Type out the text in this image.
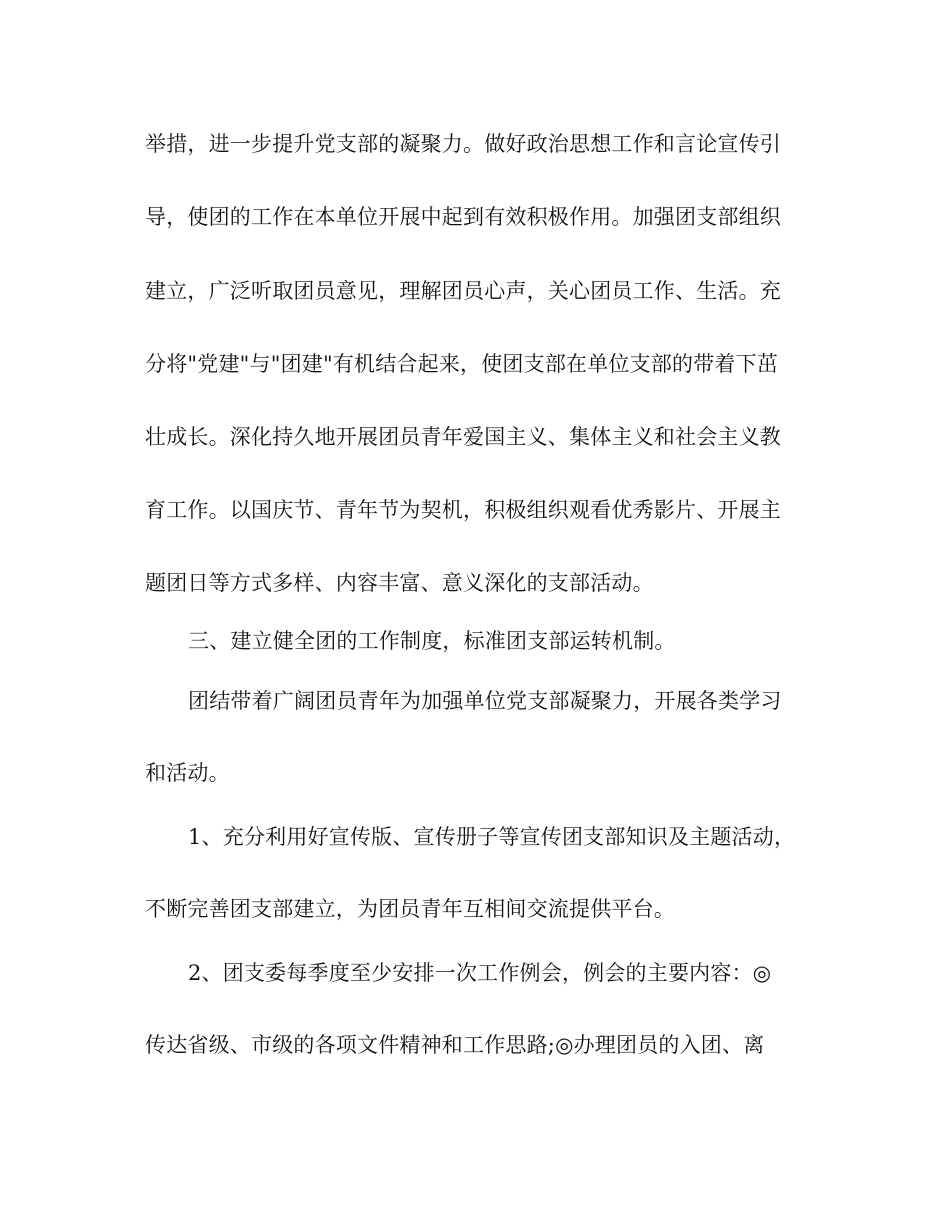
举措，进一步提升党支部的凝聚力。做好政治思想工作和言论宣传引
导，使团的工作在本单位开展中起到有效积极作用。加强团支部组织
建立，广泛听取团员意见，理解团员心声，关心团员工作、生活。充
分将"党建"与"团建"有机结合起来，使团支部在单位支部的带着下茁
壮成长。深化持久地开展团员青年爱国主义、集体主义和社会主义教
育工作。以国庆节、青年节为契机，积极组织观看优秀影片、开展主
题团日等方式多样、内容丰富、意义深化的支部活动。
三、建立健全团的工作制度，标准团支部运转机制。
团结带着广阔团员青年为加强单位党支部凝聚力，开展各类学习
和活动。
1、充分利用好宣传版、宣传册子等宣传团支部知识及主题活动，
不断完善团支部建立，为团员青年互相间交流提供平台。
2、团支委每季度至少安排一次工作例会，例会的主要内容：◎
传达省级、市级的各项文件精神和工作思路;◎办理团员的入团、离
